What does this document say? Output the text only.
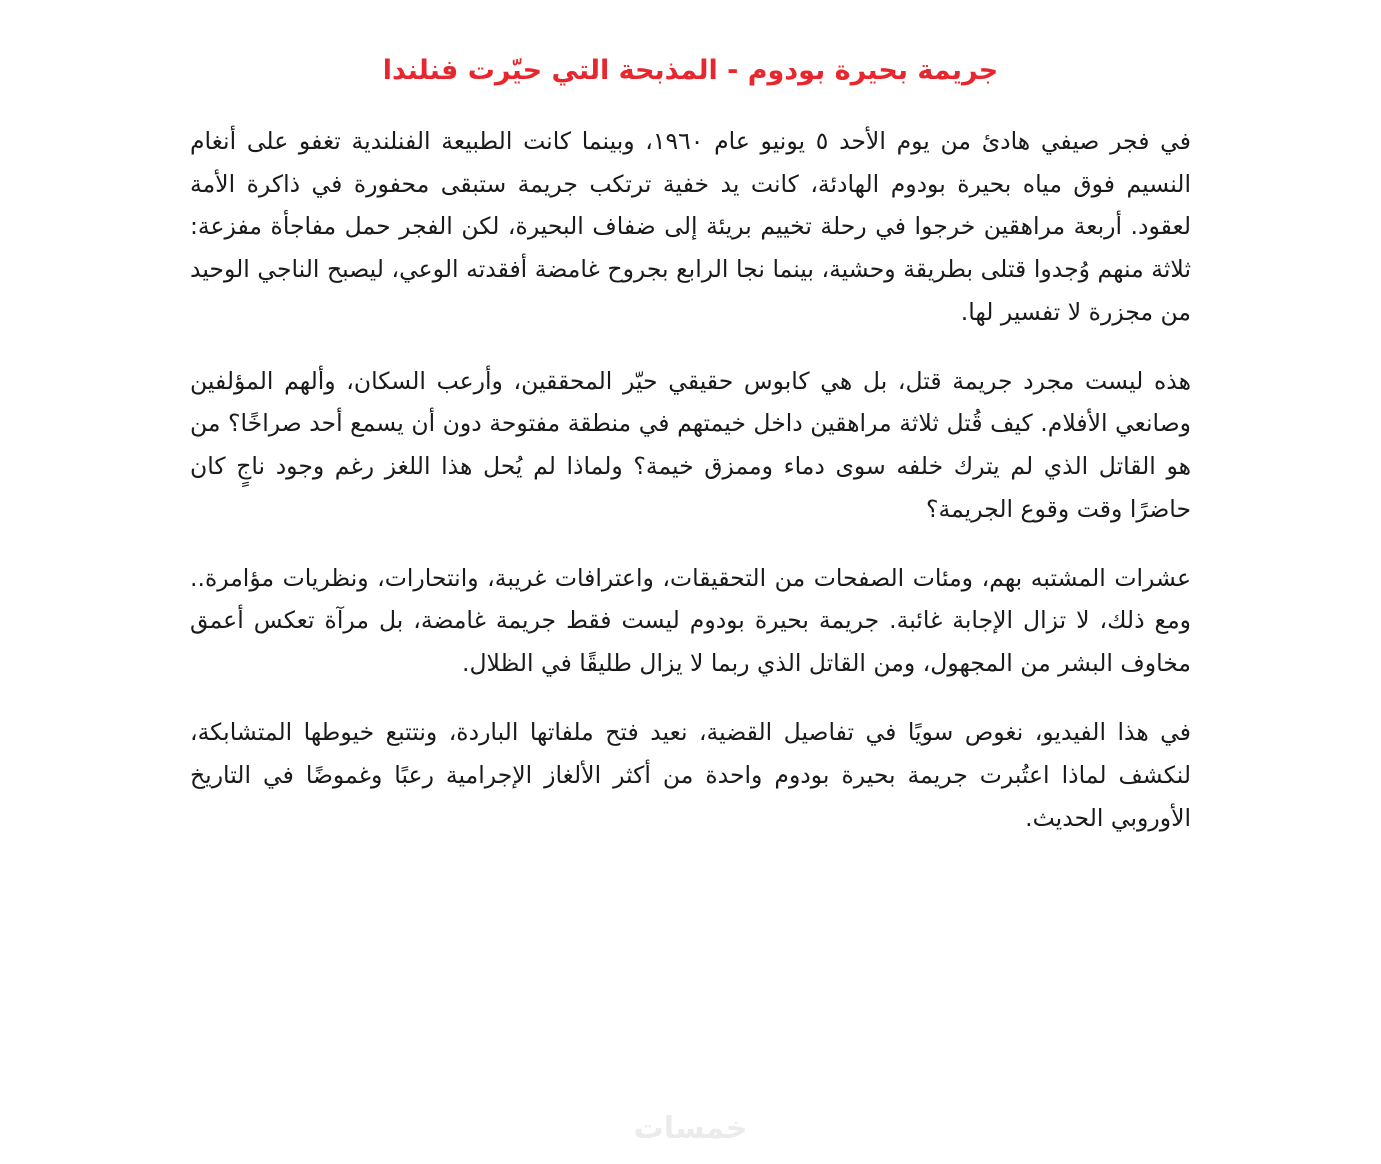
جريمة بحيرة بودوم - المذبحة التي حيّرت فنلندا

في فجر صيفي هادئ من يوم الأحد ٥ يونيو عام ١٩٦٠، وبينما كانت الطبيعة الفنلندية تغفو على أنغام النسيم فوق مياه بحيرة بودوم الهادئة، كانت يد خفية ترتكب جريمة ستبقى محفورة في ذاكرة الأمة لعقود. أربعة مراهقين خرجوا في رحلة تخييم بريئة إلى ضفاف البحيرة، لكن الفجر حمل مفاجأة مفزعة: ثلاثة منهم وُجدوا قتلى بطريقة وحشية، بينما نجا الرابع بجروح غامضة أفقدته الوعي، ليصبح الناجي الوحيد من مجزرة لا تفسير لها.

هذه ليست مجرد جريمة قتل، بل هي كابوس حقيقي حيّر المحققين، وأرعب السكان، وألهم المؤلفين وصانعي الأفلام. كيف قُتل ثلاثة مراهقين داخل خيمتهم في منطقة مفتوحة دون أن يسمع أحد صراخًا؟ من هو القاتل الذي لم يترك خلفه سوى دماء وممزق خيمة؟ ولماذا لم يُحل هذا اللغز رغم وجود ناجٍ كان حاضرًا وقت وقوع الجريمة؟

عشرات المشتبه بهم، ومئات الصفحات من التحقيقات، واعترافات غريبة، وانتحارات، ونظريات مؤامرة.. ومع ذلك، لا تزال الإجابة غائبة. جريمة بحيرة بودوم ليست فقط جريمة غامضة، بل مرآة تعكس أعمق مخاوف البشر من المجهول، ومن القاتل الذي ربما لا يزال طليقًا في الظلال.

في هذا الفيديو، نغوص سويًا في تفاصيل القضية، نعيد فتح ملفاتها الباردة، ونتتبع خيوطها المتشابكة، لنكشف لماذا اعتُبرت جريمة بحيرة بودوم واحدة من أكثر الألغاز الإجرامية رعبًا وغموضًا في التاريخ الأوروبي الحديث.

خمسات
